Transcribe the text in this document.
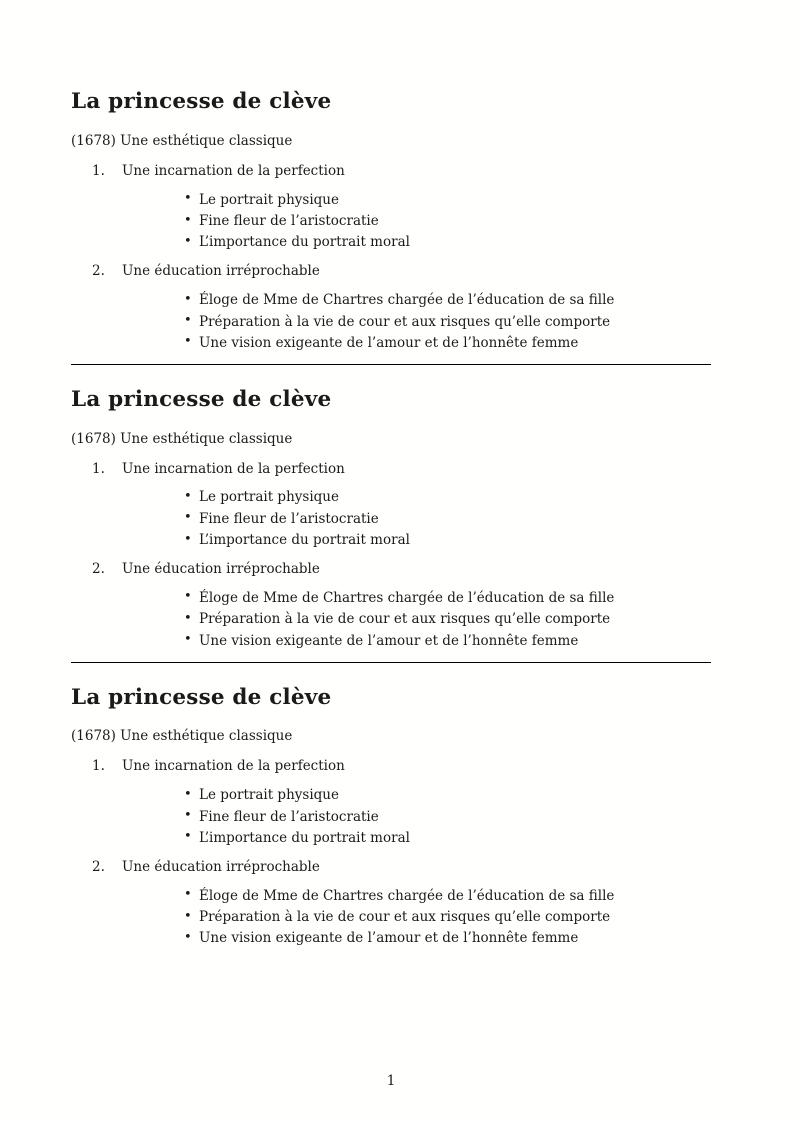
La princesse de clève

(1678) Une esthétique classique

1. Une incarnation de la perfection
• Le portrait physique
• Fine fleur de l’aristocratie
• L’importance du portrait moral
2. Une éducation irréprochable
• Éloge de Mme de Chartres chargée de l’éducation de sa fille
• Préparation à la vie de cour et aux risques qu’elle comporte
• Une vision exigeante de l’amour et de l’honnête femme
La princesse de clève

(1678) Une esthétique classique

1. Une incarnation de la perfection
• Le portrait physique
• Fine fleur de l’aristocratie
• L’importance du portrait moral
2. Une éducation irréprochable
• Éloge de Mme de Chartres chargée de l’éducation de sa fille
• Préparation à la vie de cour et aux risques qu’elle comporte
• Une vision exigeante de l’amour et de l’honnête femme
La princesse de clève

(1678) Une esthétique classique

1. Une incarnation de la perfection
• Le portrait physique
• Fine fleur de l’aristocratie
• L’importance du portrait moral
2. Une éducation irréprochable
• Éloge de Mme de Chartres chargée de l’éducation de sa fille
• Préparation à la vie de cour et aux risques qu’elle comporte
• Une vision exigeante de l’amour et de l’honnête femme
1
